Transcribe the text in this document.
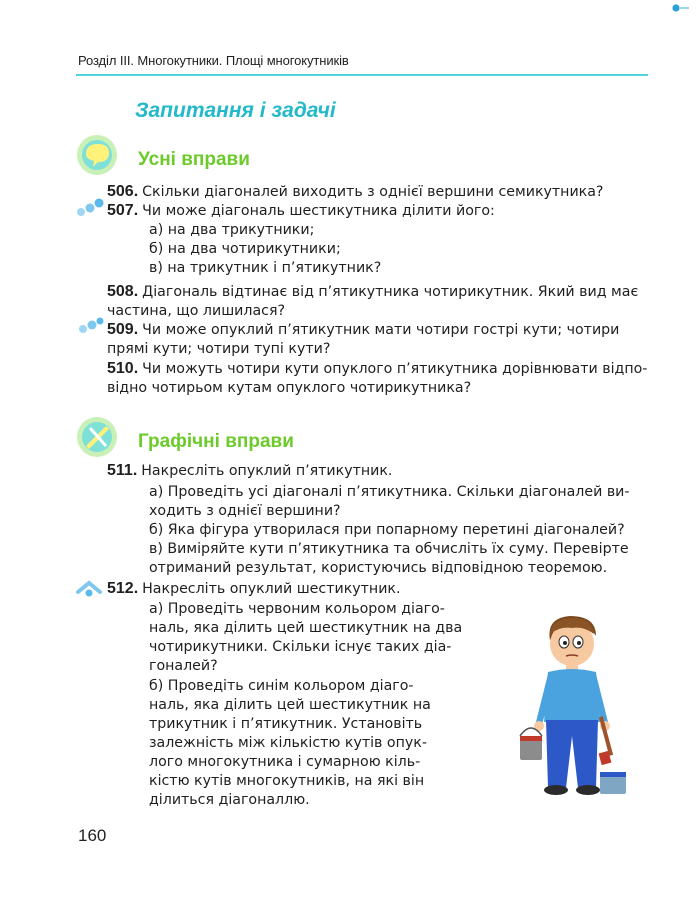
Розділ III. Многокутники. Площі многокутників
Запитання і задачі
Усні вправи
Графічні вправи
506. Скільки діагоналей виходить з однієї вершини семикутника?
507. Чи може діагональ шестикутника ділити його:
а) на два трикутники;
б) на два чотирикутники;
в) на трикутник і п’ятикутник?
508. Діагональ відтинає від п’ятикутника чотирикутник. Який вид має
частина, що лишилася?
509. Чи може опуклий п’ятикутник мати чотири гострі кути; чотири
прямі кути; чотири тупі кути?
510. Чи можуть чотири кути опуклого п’ятикутника дорівнювати відпо-
відно чотирьом кутам опуклого чотирикутника?
511. Накресліть опуклий п’ятикутник.
а) Проведіть усі діагоналі п’ятикутника. Скільки діагоналей ви-
ходить з однієї вершини?
б) Яка фігура утворилася при попарному перетині діагоналей?
в) Виміряйте кути п’ятикутника та обчисліть їх суму. Перевірте
отриманий результат, користуючись відповідною теоремою.
512. Накресліть опуклий шестикутник.
а) Проведіть червоним кольором діаго-
наль, яка ділить цей шестикутник на два
чотирикутники. Скільки існує таких діа-
гоналей?
б) Проведіть синім кольором діаго-
наль, яка ділить цей шестикутник на
трикутник і п’ятикутник. Установіть
залежність між кількістю кутів опук-
лого многокутника і сумарною кіль-
кістю кутів многокутників, на які він
ділиться діагоналлю.
160
